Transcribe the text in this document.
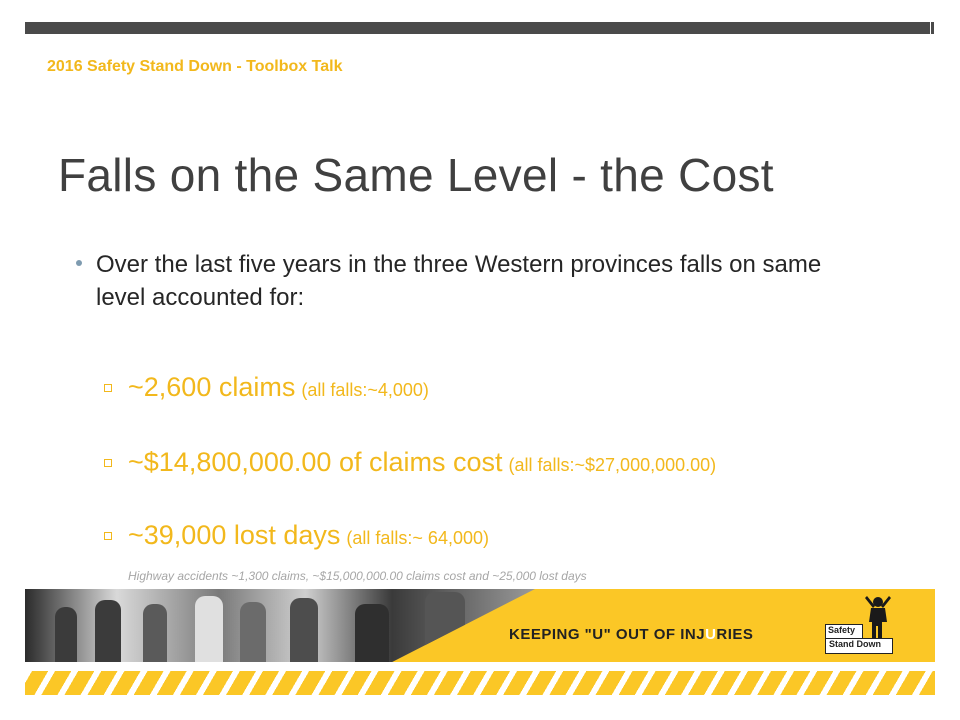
2016 Safety Stand Down - Toolbox Talk
Falls on the Same Level - the Cost
Over the last five years in the three Western provinces falls on same level accounted for:
~2,600 claims (all falls:~4,000)
~$14,800,000.00 of claims cost (all falls:~$27,000,000.00)
~39,000 lost days (all falls:~ 64,000)
Highway accidents ~1,300 claims, ~$15,000,000.00 claims cost and ~25,000 lost days
KEEPING "U" OUT OF INJURIES	Safety
Stand Down
